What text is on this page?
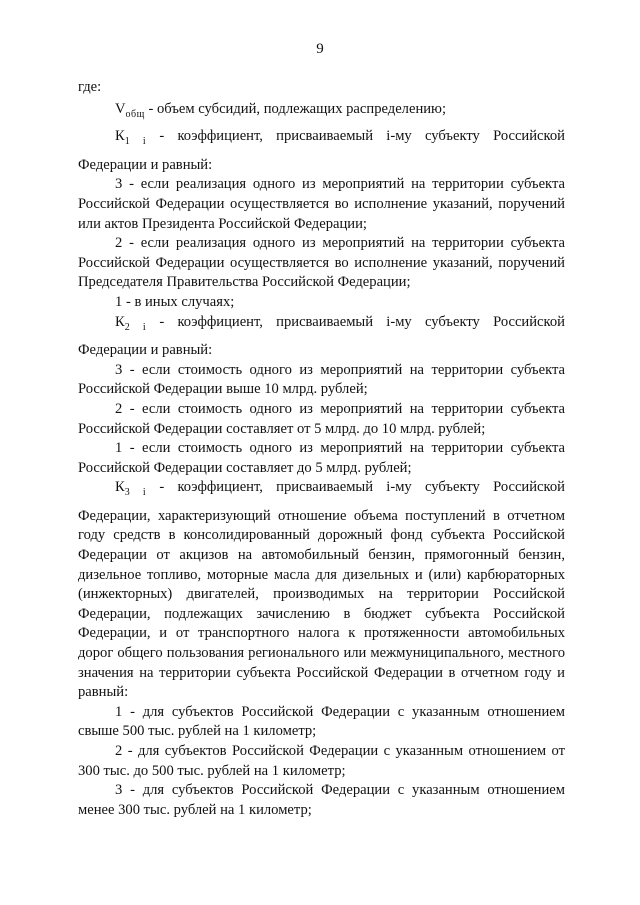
9

где:

$V_{общ}$ - объем субсидий, подлежащих распределению;

$К_{1 i}$ - коэффициент, присваиваемый i-му субъекту Российской

Федерации и равный:

3 - если реализация одного из мероприятий на территории субъекта Российской Федерации осуществляется во исполнение указаний, поручений или актов Президента Российской Федерации;

2 - если реализация одного из мероприятий на территории субъекта Российской Федерации осуществляется во исполнение указаний, поручений Председателя Правительства Российской Федерации;

1 - в иных случаях;

$К_{2 i}$ - коэффициент, присваиваемый i-му субъекту Российской

Федерации и равный:

3 - если стоимость одного из мероприятий на территории субъекта Российской Федерации выше 10 млрд. рублей;

2 - если стоимость одного из мероприятий на территории субъекта Российской Федерации составляет от 5 млрд. до 10 млрд. рублей;

1 - если стоимость одного из мероприятий на территории субъекта Российской Федерации составляет до 5 млрд. рублей;

$К_{3 i}$ - коэффициент, присваиваемый i-му субъекту Российской

Федерации, характеризующий отношение объема поступлений в отчетном году средств в консолидированный дорожный фонд субъекта Российской Федерации от акцизов на автомобильный бензин, прямогонный бензин, дизельное топливо, моторные масла для дизельных и (или) карбюраторных (инжекторных) двигателей, производимых на территории Российской Федерации, подлежащих зачислению в бюджет субъекта Российской Федерации, и от транспортного налога к протяженности автомобильных дорог общего пользования регионального или межмуниципального, местного значения на территории субъекта Российской Федерации в отчетном году и равный:

1 - для субъектов Российской Федерации с указанным отношением свыше 500 тыс. рублей на 1 километр;

2 - для субъектов Российской Федерации с указанным отношением от 300 тыс. до 500 тыс. рублей на 1 километр;

3 - для субъектов Российской Федерации с указанным отношением менее 300 тыс. рублей на 1 километр;
